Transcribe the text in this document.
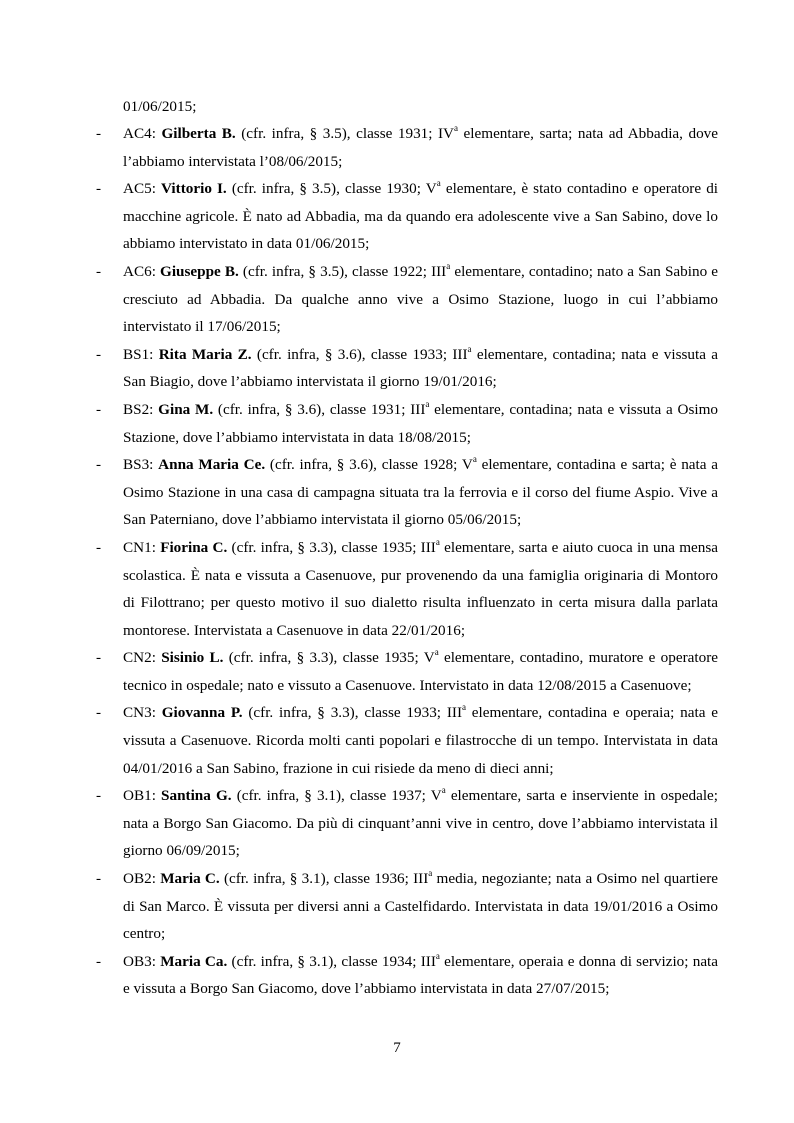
01/06/2015;

- AC4: Gilberta B. (cfr. infra, § 3.5), classe 1931; $IV^a$ elementare, sarta; nata ad Abbadia, dove l’abbiamo intervistata l’08/06/2015;
- AC5: Vittorio I. (cfr. infra, § 3.5), classe 1930; $V^a$ elementare, è stato contadino e operatore di macchine agricole. È nato ad Abbadia, ma da quando era adolescente vive a San Sabino, dove lo abbiamo intervistato in data 01/06/2015;
- AC6: Giuseppe B. (cfr. infra, § 3.5), classe 1922; III$^a$ elementare, contadino; nato a San Sabino e cresciuto ad Abbadia. Da qualche anno vive a Osimo Stazione, luogo in cui l’abbiamo intervistato il 17/06/2015;
- BS1: Rita Maria Z. (cfr. infra, § 3.6), classe 1933; III$^a$ elementare, contadina; nata e vissuta a San Biagio, dove l’abbiamo intervistata il giorno 19/01/2016;
- BS2: Gina M. (cfr. infra, § 3.6), classe 1931; III$^a$ elementare, contadina; nata e vissuta a Osimo Stazione, dove l’abbiamo intervistata in data 18/08/2015;
- BS3: Anna Maria Ce. (cfr. infra, § 3.6), classe 1928; $V^a$ elementare, contadina e sarta; è nata a Osimo Stazione in una casa di campagna situata tra la ferrovia e il corso del fiume Aspio. Vive a San Paterniano, dove l’abbiamo intervistata il giorno 05/06/2015;
- CN1: Fiorina C. (cfr. infra, § 3.3), classe 1935; III$^a$ elementare, sarta e aiuto cuoca in una mensa scolastica. È nata e vissuta a Casenuove, pur provenendo da una famiglia originaria di Montoro di Filottrano; per questo motivo il suo dialetto risulta influenzato in certa misura dalla parlata montorese. Intervistata a Casenuove in data 22/01/2016;
- CN2: Sisinio L. (cfr. infra, § 3.3), classe 1935; $V^a$ elementare, contadino, muratore e operatore tecnico in ospedale; nato e vissuto a Casenuove. Intervistato in data 12/08/2015 a Casenuove;
- CN3: Giovanna P. (cfr. infra, § 3.3), classe 1933; III$^a$ elementare, contadina e operaia; nata e vissuta a Casenuove. Ricorda molti canti popolari e filastrocche di un tempo. Intervistata in data 04/01/2016 a San Sabino, frazione in cui risiede da meno di dieci anni;
- OB1: Santina G. (cfr. infra, § 3.1), classe 1937; $V^a$ elementare, sarta e inserviente in ospedale; nata a Borgo San Giacomo. Da più di cinquant’anni vive in centro, dove l’abbiamo intervistata il giorno 06/09/2015;
- OB2: Maria C. (cfr. infra, § 3.1), classe 1936; III$^a$ media, negoziante; nata a Osimo nel quartiere di San Marco. È vissuta per diversi anni a Castelfidardo. Intervistata in data 19/01/2016 a Osimo centro;
- OB3: Maria Ca. (cfr. infra, § 3.1), classe 1934; III$^a$ elementare, operaia e donna di servizio; nata e vissuta a Borgo San Giacomo, dove l’abbiamo intervistata in data 27/07/2015;
7
